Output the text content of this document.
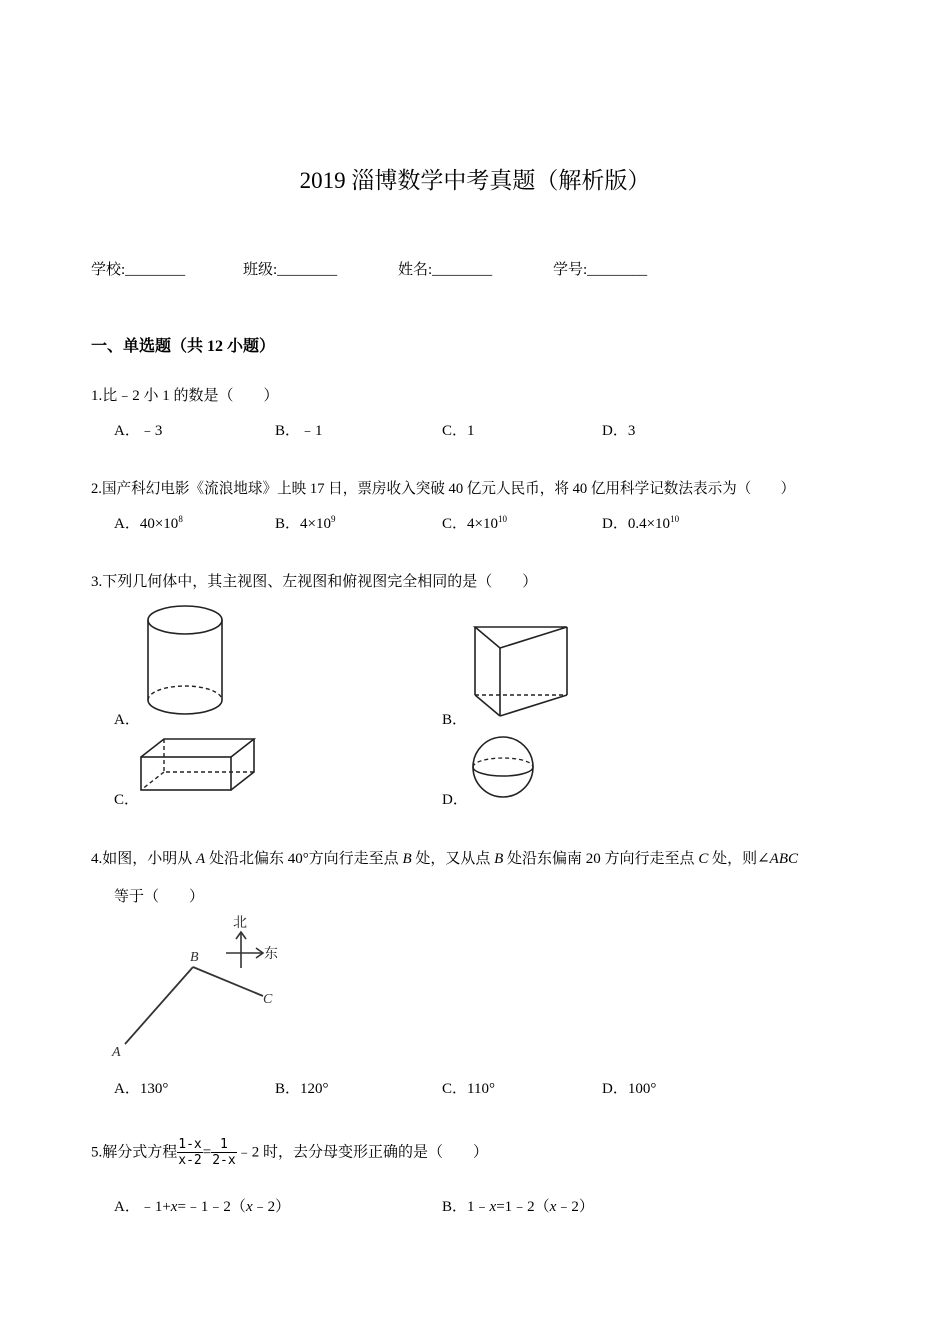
2019 淄博数学中考真题（解析版）
学校:________	班级:________	姓名:________	学号:________
一、单选题（共 12 小题）
1.比﹣2 小 1 的数是（　　）
A．﹣3	B．﹣1	C．1	D．3
2.国产科幻电影《流浪地球》上映 17 日，票房收入突破 40 亿元人民币，将 40 亿用科学记数法表示为（　　）
A．$40\times 10^8$	B．$4\times 10^9$	C．$4\times 10^{10}$	D．$0.4\times 10^{10}$
3.下列几何体中，其主视图、左视图和俯视图完全相同的是（　　）
A．	B．
C．	D．
4.如图，小明从 A 处沿北偏东 40°方向行走至点 B 处，又从点 B 处沿东偏南 20 方向行走至点 C 处，则∠ABC
等于（　　）
北
东
A
B
C
A．130°	B．120°	C．110°	D．100°
5.解分式方程 $\frac{1-x}{x-2} = \frac{1}{2-x}$ ﹣2 时，去分母变形正确的是（　　）
A．﹣1+x=﹣1﹣2（x﹣2）	B．1﹣x=1﹣2（x﹣2）
